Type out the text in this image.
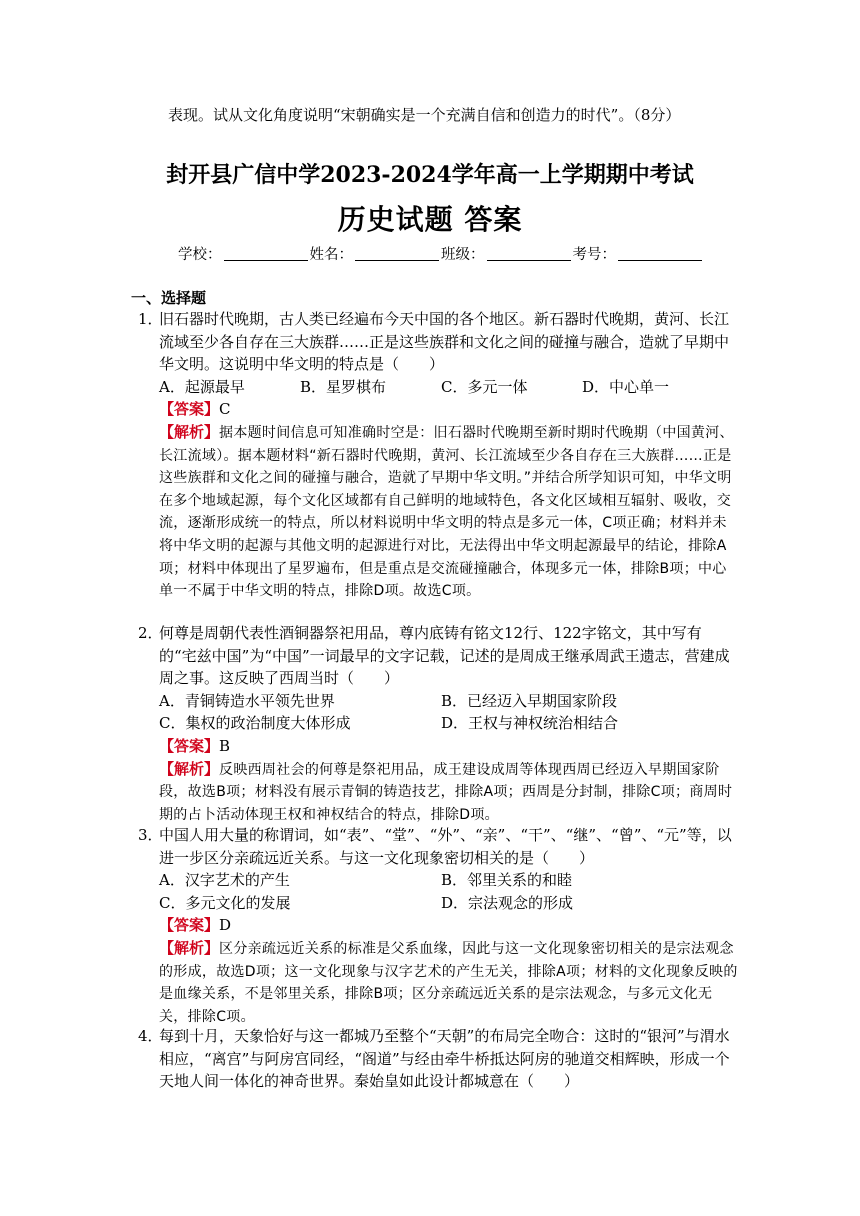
表现。试从文化角度说明“宋朝确实是一个充满自信和创造力的时代”。（8分）
封开县广信中学2023-2024学年高一上学期期中考试
历史试题 答案
学校：	姓名：	班级：	考号：
一、选择题
1．
旧石器时代晚期，古人类已经遍布今天中国的各个地区。新石器时代晚期，黄河、长江流域至少各自存在三大族群……正是这些族群和文化之间的碰撞与融合，造就了早期中华文明。这说明中华文明的特点是（　　）
A．起源最早	B．星罗棋布	C．多元一体	D．中心单一
【答案】C
【解析】据本题时间信息可知准确时空是：旧石器时代晚期至新时期时代晚期（中国黄河、长江流域）。据本题材料“新石器时代晚期，黄河、长江流域至少各自存在三大族群……正是这些族群和文化之间的碰撞与融合，造就了早期中华文明。”并结合所学知识可知，中华文明在多个地域起源，每个文化区域都有自己鲜明的地域特色，各文化区域相互辐射、吸收，交流，逐渐形成统一的特点，所以材料说明中华文明的特点是多元一体，C项正确；材料并未将中华文明的起源与其他文明的起源进行对比，无法得出中华文明起源最早的结论，排除A项；材料中体现出了星罗遍布，但是重点是交流碰撞融合，体现多元一体，排除B项；中心单一不属于中华文明的特点，排除D项。故选C项。
2．
何尊是周朝代表性酒铜器祭祀用品，尊内底铸有铭文12行、122字铭文，其中写有的“宅兹中国”为“中国”一词最早的文字记载，记述的是周成王继承周武王遗志，营建成周之事。这反映了西周当时（　　）
A．青铜铸造水平领先世界	B．已经迈入早期国家阶段
C．集权的政治制度大体形成	D．王权与神权统治相结合
【答案】B
【解析】反映西周社会的何尊是祭祀用品，成王建设成周等体现西周已经迈入早期国家阶段，故选B项；材料没有展示青铜的铸造技艺，排除A项；西周是分封制，排除C项；商周时期的占卜活动体现王权和神权结合的特点，排除D项。
3．
中国人用大量的称谓词，如“表”、“堂”、“外”、“亲”、“干”、“继”、“曾”、“元”等，以进一步区分亲疏远近关系。与这一文化现象密切相关的是（　　）
A．汉字艺术的产生	B．邻里关系的和睦
C．多元文化的发展	D．宗法观念的形成
【答案】D
【解析】区分亲疏远近关系的标准是父系血缘，因此与这一文化现象密切相关的是宗法观念的形成，故选D项；这一文化现象与汉字艺术的产生无关，排除A项；材料的文化现象反映的是血缘关系，不是邻里关系，排除B项；区分亲疏远近关系的是宗法观念，与多元文化无关，排除C项。
4．
每到十月，天象恰好与这一都城乃至整个“天朝”的布局完全吻合：这时的“银河”与渭水相应，“离宫”与阿房宫同经，“阁道”与经由牵牛桥抵达阿房的驰道交相辉映，形成一个天地人间一体化的神奇世界。秦始皇如此设计都城意在（　　）
